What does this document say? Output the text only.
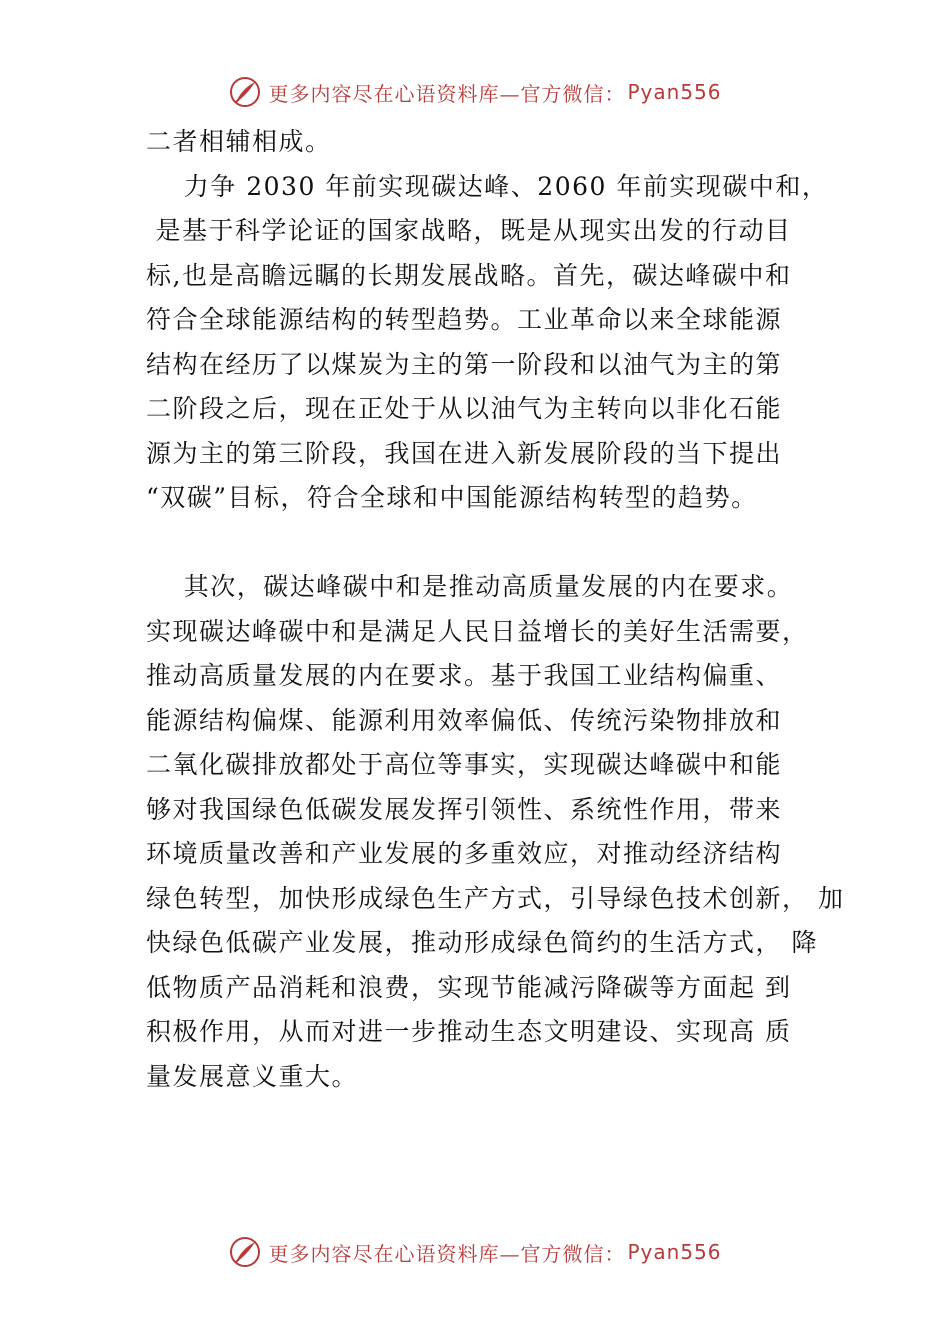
更多内容尽在心语资料库—官方微信： Pyan556
二者相辅相成。
力争 2030 年前实现碳达峰、2060 年前实现碳中和，
是基于科学论证的国家战略，既是从现实出发的行动目
标,也是高瞻远瞩的长期发展战略。首先，碳达峰碳中和
符合全球能源结构的转型趋势。工业革命以来全球能源
结构在经历了以煤炭为主的第一阶段和以油气为主的第
二阶段之后，现在正处于从以油气为主转向以非化石能
源为主的第三阶段，我国在进入新发展阶段的当下提出
“双碳”目标，符合全球和中国能源结构转型的趋势。
其次，碳达峰碳中和是推动高质量发展的内在要求。
实现碳达峰碳中和是满足人民日益增长的美好生活需要，
推动高质量发展的内在要求。基于我国工业结构偏重、
能源结构偏煤、能源利用效率偏低、传统污染物排放和
二氧化碳排放都处于高位等事实，实现碳达峰碳中和能
够对我国绿色低碳发展发挥引领性、系统性作用，带来
环境质量改善和产业发展的多重效应，对推动经济结构
绿色转型，加快形成绿色生产方式，引导绿色技术创新， 加
快绿色低碳产业发展，推动形成绿色简约的生活方式， 降
低物质产品消耗和浪费，实现节能减污降碳等方面起 到
积极作用，从而对进一步推动生态文明建设、实现高 质
量发展意义重大。
更多内容尽在心语资料库—官方微信： Pyan556
